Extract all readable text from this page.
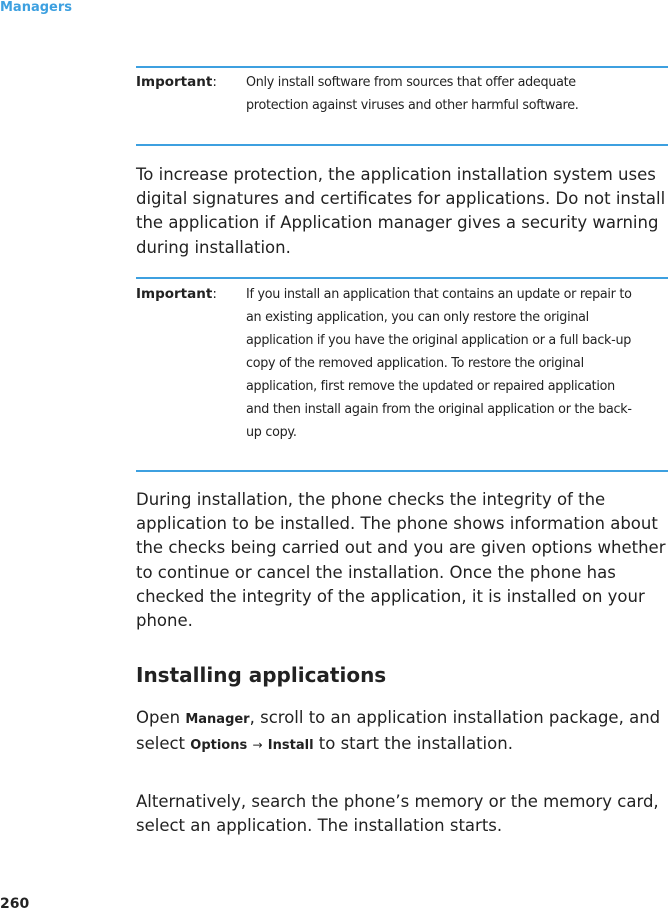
Managers
Important:	Only install software from sources that offer adequate protection against viruses and other harmful software.

To increase protection, the application installation system uses digital signatures and certificates for applications. Do not install the application if Application manager gives a security warning during installation.

Important:	If you install an application that contains an update or repair to an existing application, you can only restore the original application if you have the original application or a full back-up copy of the removed application. To restore the original application, first remove the updated or repaired application and then install again from the original application or the back-up copy.

During installation, the phone checks the integrity of the application to be installed. The phone shows information about the checks being carried out and you are given options whether to continue or cancel the installation. Once the phone has checked the integrity of the application, it is installed on your phone.

Installing applications

Open Manager, scroll to an application installation package, and select Options → Install to start the installation.

Alternatively, search the phone’s memory or the memory card, select an application. The installation starts.

260
